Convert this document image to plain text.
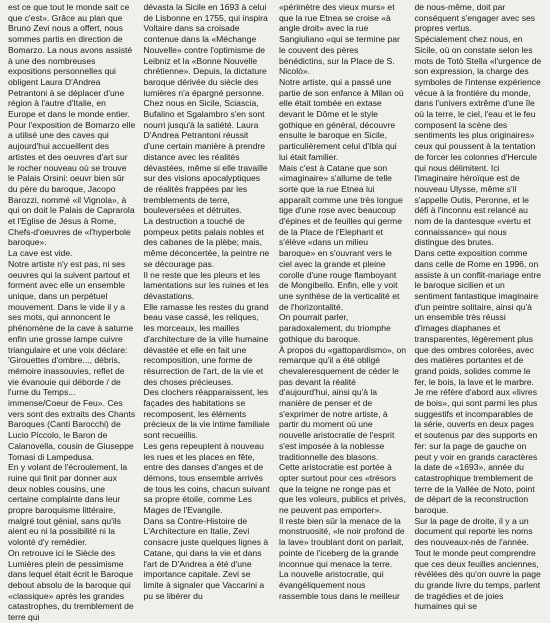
est ce que tout le monde sait ce que c'est». Grâce au plan que Bruno Zevi nous a offert, nous sommes partis en direction de Bomarzo. La nous avons assisté à une des nombreuses expositions personnelles qui obligent Laura D'Andrea Petrantoni à se déplacer d'une région à l'autre d'Italie, en Europe et dans le monde entier.

Pour l'exposition de Bomarzo elle a utilisé une des caves qui aujourd'hui accueillent des artistes et des oeuvres d'art sur le rocher nouveau où se trouve le Palais Orsini: oeuvr bien sûr du père du baroque, Jacopo Barozzi, nommé «il Vignola», à qui on doit le Palais de Caprarola et l'Eglise de Jésus à Rome, Chefs-d'oeuvres de «l'hyperbole baroque».

La cave est vide.

Notre artiste n'y est pas, ni ses oeuvres qui la suivent partout et forment avec elle un ensemble unique, dans un perpétuel mouvement. Dans le vide il y a ses mots, qui annoncent le phénomène de la cave à saturne enfin une grosse lampe cuivre triangulaire et une voix déclare: 'Girouettes d'ombre..., débris, mémoire inassouvies, reflet de vie évanouie qui déborde / de l'urne du Temps... immense/Coeur de Feu». Ces vers sont des extraits des Chants Baroques (Canti Barocchi) de Lucio Piccolo, le Baron de Calanovella, cousin de Giuseppe Tomasi di Lampedusa.

En y volant de l'écroulement, la ruine qui finit par donner aux deux nobles cousins, une certaine complainte dans leur propre baroquisme littéraire, malgré tout génial, sans qu'ils aient eu ni la possibilité ni la volonté d'y remédier.

On retrouve ici le Siècle des Lumières plein de pessimisme dans lequel était écrit le Baroque debout absolu de la baroque qui «classique» après les grandes catastrophes, du tremblement de terre qui

dévasta la Sicile en 1693 à celui de Lisbonne en 1755, qui inspira Voltaire dans sa croisade contenue dans la «Méchange Nouvelle» contre l'optimisme de Leibniz et la «Bonne Nouvelle chrétienne». Depuis, la dictature baroque dérivée du siècle des lumières n'a épargné personne. Chez nous en Sicile, Sciascia, Bufalino et Sgalambro s'en sont nourri jusqu'à la satiété. Laura D'Andrea Petrantoni réussit d'une certain manière à prendre distance avec les réalités dévastées, même si elle travaille sur des visions apocalyptiques de réalités frappées par les tremblements de terre, bouleversées et détruites.

La destruction a touché de pompeux petits palais nobles et des cabanes de la plèbe; mais, même déconcertée, la peintre ne se décourage pas.

Il ne reste que les pleurs et les lamentations sur les ruines et les dévastations.

Elle ramasse les restes du grand beau vase cassé, les reliques, les morceaux, les mailles d'architecture de la ville humaine dévastée et elle en fait une recomposition, une forme de résurrection de l'art, de la vie et des choses précieuses.

Des clochers réapparaissent, les façades des habitations se recomposent, les éléments précieux de la vie intime familiale sont recueillis.

Les gens repeuplent à nouveau les rues et les places en fête, entre des danses d'anges et de démons, tous ensemble arrivés de tous les coins, chacun suivant sa propre étoile, comme Les Mages de l'Evangile.

Dans sa Contre-Histoire de L'Architecture en Italie, Zevi consacre juste quelques lignes à Catane, qui dans la vie et dans l'art de D'Andrea a été d'une importance capitale. Zevi se limite à signaler que Vaccarini a pu se libérer du

«périmètre des vieux murs» et que la rue Etnea se croise «à angle droit» avec la rue Sangiuliano «qui se termine par le couvent des pères bénédictins, sur la Place de S. Nicolò».

Notre artiste, qui a passé une partie de son enfance à Milan où elle était tombée en extase devant le Dôme et le style gothique en général, découvre ensuite le baroque en Sicile, particulièrement celui d'Ibla qui lui était familier.

Mais c'est à Catane que son «imaginaire» s'allume de telle sorte que la rue Etnea lui apparaît comme une très longue tige d'une rose avec beaucoup d'épines et de feuilles qui germe de la Place de l'Elephant et s'élève «dans un milieu baroque» en s'ouvrant vers le ciel avec la grande et pleine corolle d'une rouge flamboyant de Mongibello. Enfin, elle y voit une synthèse de la verticalité et de l'horizontalité.

On pourrait parler, paradoxalement, du triomphe gothique du baroque.

À propos du «gattopardismo», on remarque qu'il a été obligé chevaleresquement de céder le pas devant la réalité d'aujourd'hui, ainsi qu'à la manière de penser et de s'exprimer de notre artiste, à partir du moment où une nouvelle aristocratie de l'esprit s'est imposée à la noblesse traditionnelle des blasons.

Cette aristocratie est portée à opter surtout pour ces «trésors que la teigne ne ronge pas et que les voleurs, publics et privés, ne peuvent pas emporter».

Il reste bien sûr la menace de la monstruosité, «le noir profond de la lave» troublant dont on parlait, pointe de l'iceberg de la grande inconnue qui menace la terre.

La nouvelle aristocratie, qui évangéliquement nous rassemble tous dans le meilleur

de nous-même, doit par conséquent s'engager avec ses propres vertus.

Spécialement chez nous, en Sicile, où on constate selon les mots de Totò Stella «l'urgence de son expression, la charge des symboles de l'intense expérience vécue à la frontière du monde, dans l'univers extrême d'une île où la terre, le ciel, l'eau et le feu composent la scène des sentiments les plus originaires» ceux qui poussent à la tentation de forcer les colonnes d'Hercule qui nous délimitent. Ici l'imaginaire héroïque est de nouveau Ulysse, même s'il s'appelle Outis, Peronne, et le défi à l'inconnu est relancé au nom de la dantesque «vertu et connaissance» qui nous distingue des brutes.

Dans cette exposition comme dans celle de Rome en 1996, on assiste à un conflit-mariage entre le baroque sicilien et un sentiment fantastique imaginaire d'un peintre solitaire, ainsi qu'à un ensemble très réussi d'images diaphanes et transparentes, légèrement plus que des ombres colorées, avec des matières portantes et de grand poids, solides comme le fer, le bois, la lave et le marbre.

Je me réfère d'abord aux «livres de bois», qui sont parmi les plus suggestifs et incomparables de la série, ouverts en deux pages et soutenus par des supports en fer: sur la page de gauche on peut y voir en grands caractères la date de «1693», année du catastrophique tremblement de terre de la Vallée de Noto, point de départ de la reconstruction baroque.

Sur la page de droite, il y a un document qui reporte les noms des nouveaux-nés de l'année. Tout le monde peut comprendre que ces deux feuilles anciennes, révélées dès qu'on ouvre la page du grande livre du temps, parlent de tragédies et de joies humaines qui se
